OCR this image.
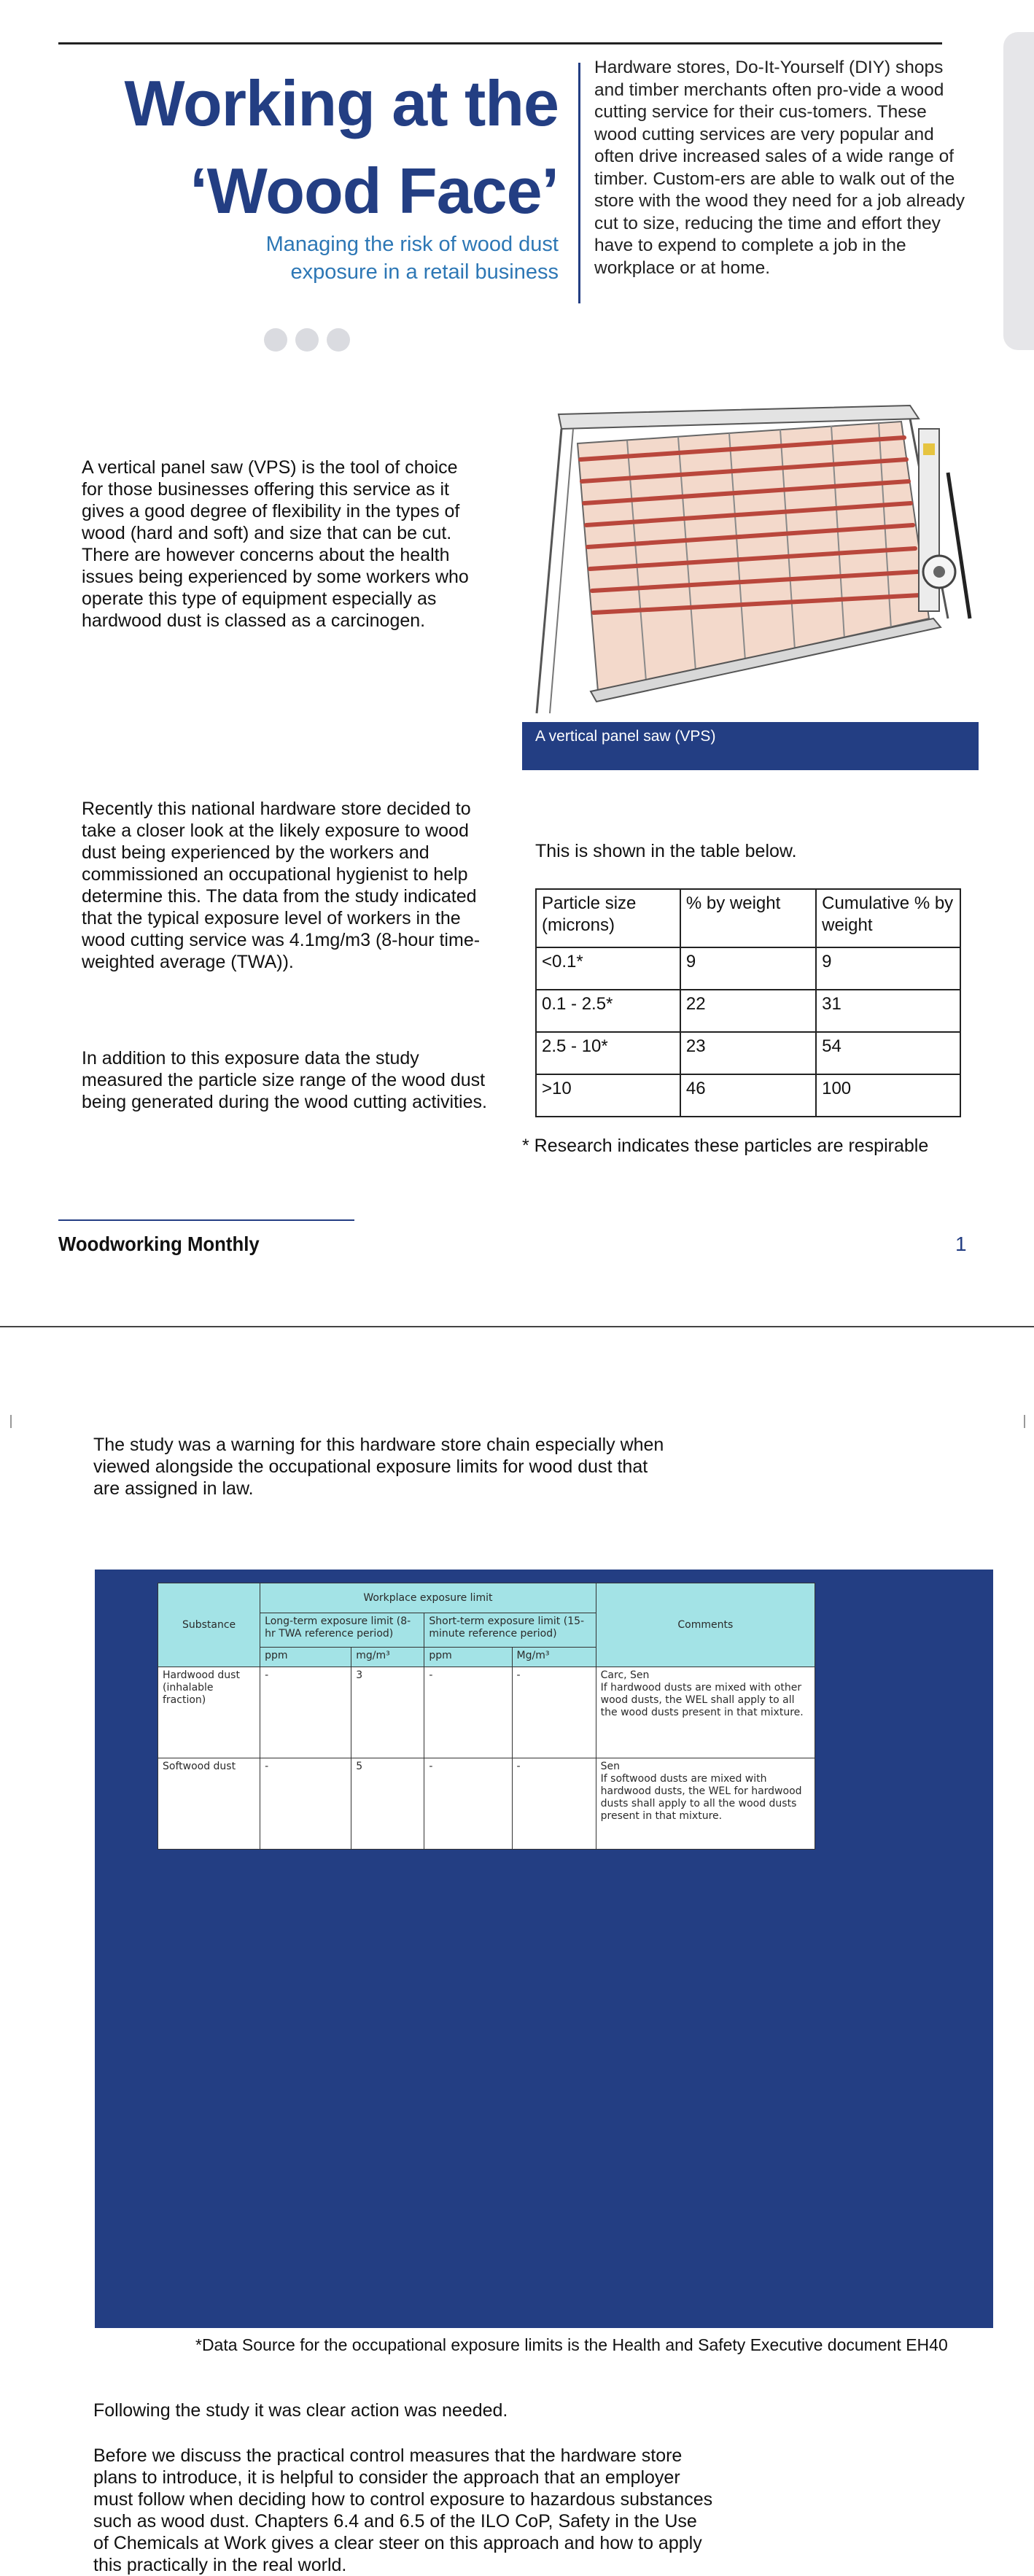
Working at the
‘Wood Face’
Managing the risk of wood dust
exposure in a retail business
Hardware stores, Do-It-Yourself (DIY) shops and timber merchants often pro-vide a wood cutting service for their cus-tomers. These wood cutting services are very popular and often drive increased sales of a wide range of timber. Custom-ers are able to walk out of the store with the wood they need for a job already cut to size, reducing the time and effort they have to expend to complete a job in the workplace or at home.
A vertical panel saw (VPS) is the tool of choice for those businesses offering this service as it gives a good degree of flexibility in the types of wood (hard and soft) and size that can be cut. There are however concerns about the health issues being experienced by some workers who operate this type of equipment especially as hardwood dust is classed as a carcinogen.
A vertical panel saw (VPS)
Recently this national hardware store decided to take a closer look at the likely exposure to wood dust being experienced by the workers and commissioned an occupational hygienist to help determine this. The data from the study indicated that the typical exposure level of workers in the wood cutting service was 4.1mg/m3 (8-hour time-weighted average (TWA)).
In addition to this exposure data the study measured the particle size range of the wood dust being generated during the wood cutting activities.
This is shown in the table below.
Particle size (microns)	% by weight	Cumulative % by weight
<0.1*	9	9
0.1 - 2.5*	22	31
2.5 - 10*	23	54
>10	46	100
* Research indicates these particles are respirable
Woodworking Monthly	1
The study was a warning for this hardware store chain especially when viewed alongside the occupational exposure limits for wood dust that are assigned in law.
Substance	Workplace exposure limit				Comments
	Long-term exposure limit (8-hr TWA reference period)		Short-term exposure limit (15-minute reference period)		
	ppm	mg/m³	ppm	Mg/m³	
Hardwood dust (inhalable fraction)	-	3	-	-	Carc, Sen
If hardwood dusts are mixed with other wood dusts, the WEL shall apply to all the wood dusts present in that mixture.

Softwood dust	-	5	-	-	Sen
If softwood dusts are mixed with hardwood dusts, the WEL for hardwood dusts shall apply to all the wood dusts present in that mixture.
*Data Source for the occupational exposure limits is the Health and Safety Executive document EH40
Following the study it was clear action was needed.
Before we discuss the practical control measures that the hardware store plans to introduce, it is helpful to consider the approach that an employer must follow when deciding how to control exposure to hazardous substances such as wood dust. Chapters 6.4 and 6.5 of the ILO CoP, Safety in the Use of Chemicals at Work gives a clear steer on this approach and how to apply this practically in the real world.
